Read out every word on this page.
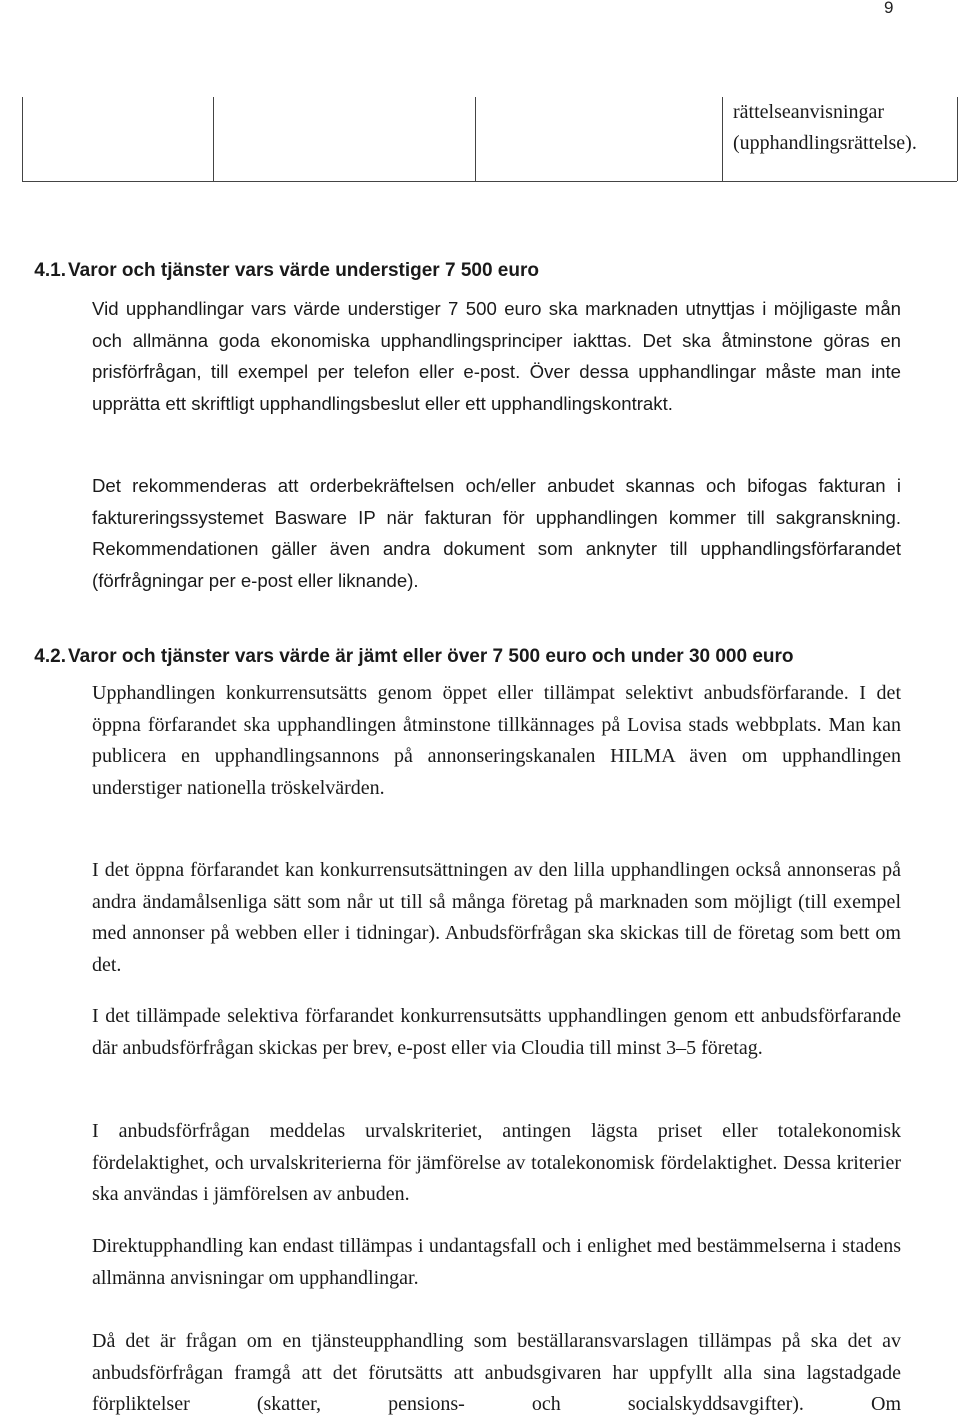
9
rättelseanvisningar
(upphandlingsrättelse).
4.1. Varor och tjänster vars värde understiger 7 500 euro

Vid upphandlingar vars värde understiger 7 500 euro ska marknaden utnyttjas i möjligaste mån och allmänna goda ekonomiska upphandlingsprinciper iakttas. Det ska åtminstone göras en prisförfrågan, till exempel per telefon eller e-post. Över dessa upphandlingar måste man inte upprätta ett skriftligt upphandlingsbeslut eller ett upphandlingskontrakt.

Det rekommenderas att orderbekräftelsen och/eller anbudet skannas och bifogas fakturan i faktureringssystemet Basware IP när fakturan för upphandlingen kommer till sakgranskning. Rekommendationen gäller även andra dokument som anknyter till upphandlingsförfarandet (förfrågningar per e-post eller liknande).

4.2. Varor och tjänster vars värde är jämt eller över 7 500 euro och under 30 000 euro

Upphandlingen konkurrensutsätts genom öppet eller tillämpat selektivt anbudsförfarande. I det öppna förfarandet ska upphandlingen åtminstone tillkännages på Lovisa stads webbplats. Man kan publicera en upphandlingsannons på annonseringskanalen HILMA även om upphandlingen understiger nationella tröskelvärden.

I det öppna förfarandet kan konkurrensutsättningen av den lilla upphandlingen också annonseras på andra ändamålsenliga sätt som når ut till så många företag på marknaden som möjligt (till exempel med annonser på webben eller i tidningar). Anbudsförfrågan ska skickas till de företag som bett om det.

I det tillämpade selektiva förfarandet konkurrensutsätts upphandlingen genom ett anbudsförfarande där anbudsförfrågan skickas per brev, e-post eller via Cloudia till minst 3–5 företag.

I anbudsförfrågan meddelas urvalskriteriet, antingen lägsta priset eller totalekonomisk fördelaktighet, och urvalskriterierna för jämförelse av totalekonomisk fördelaktighet. Dessa kriterier ska användas i jämförelsen av anbuden.

Direktupphandling kan endast tillämpas i undantagsfall och i enlighet med bestämmelserna i stadens allmänna anvisningar om upphandlingar.

Då det är frågan om en tjänsteupphandling som beställaransvarslagen tillämpas på ska det av anbudsförfrågan framgå att det förutsätts att anbudsgivaren har uppfyllt alla sina lagstadgade förpliktelser (skatter, pensions- och socialskyddsavgifter). Om
